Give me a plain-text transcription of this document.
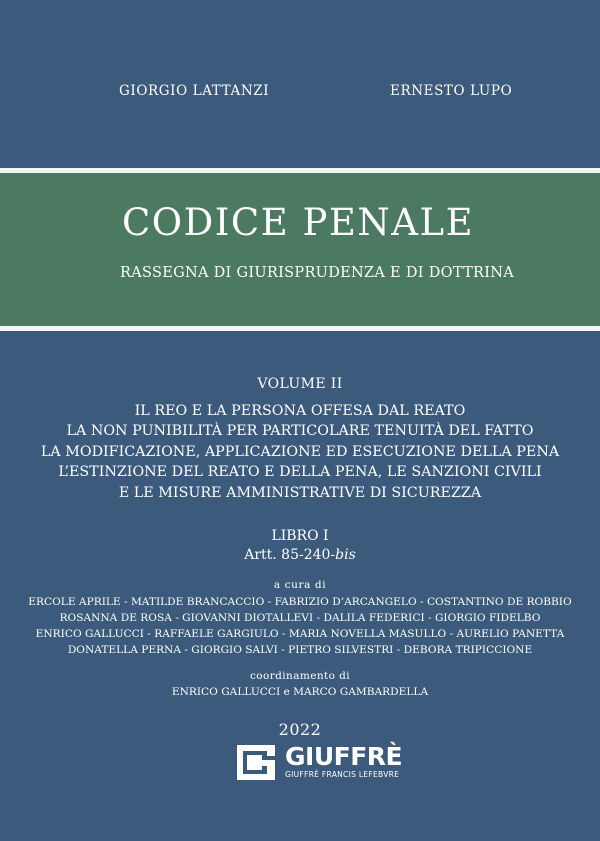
GIORGIO LATTANZI	ERNESTO LUPO
CODICE PENALE
RASSEGNA DI GIURISPRUDENZA E DI DOTTRINA
VOLUME II
IL REO E LA PERSONA OFFESA DAL REATO
LA NON PUNIBILITÀ PER PARTICOLARE TENUITÀ DEL FATTO
LA MODIFICAZIONE, APPLICAZIONE ED ESECUZIONE DELLA PENA
L’ESTINZIONE DEL REATO E DELLA PENA, LE SANZIONI CIVILI
E LE MISURE AMMINISTRATIVE DI SICUREZZA
LIBRO I
Artt. 85-240-bis
a cura di
ERCOLE APRILE - MATILDE BRANCACCIO - FABRIZIO D’ARCANGELO - COSTANTINO DE ROBBIO
ROSANNA DE ROSA - GIOVANNI DIOTALLEVI - DALILA FEDERICI - GIORGIO FIDELBO
ENRICO GALLUCCI - RAFFAELE GARGIULO - MARIA NOVELLA MASULLO - AURELIO PANETTA
DONATELLA PERNA - GIORGIO SALVI - PIETRO SILVESTRI - DEBORA TRIPICCIONE
coordinamento di
ENRICO GALLUCCI e MARCO GAMBARDELLA
2022
GIUFFRÈ
GIUFFRÈ FRANCIS LEFEBVRE
